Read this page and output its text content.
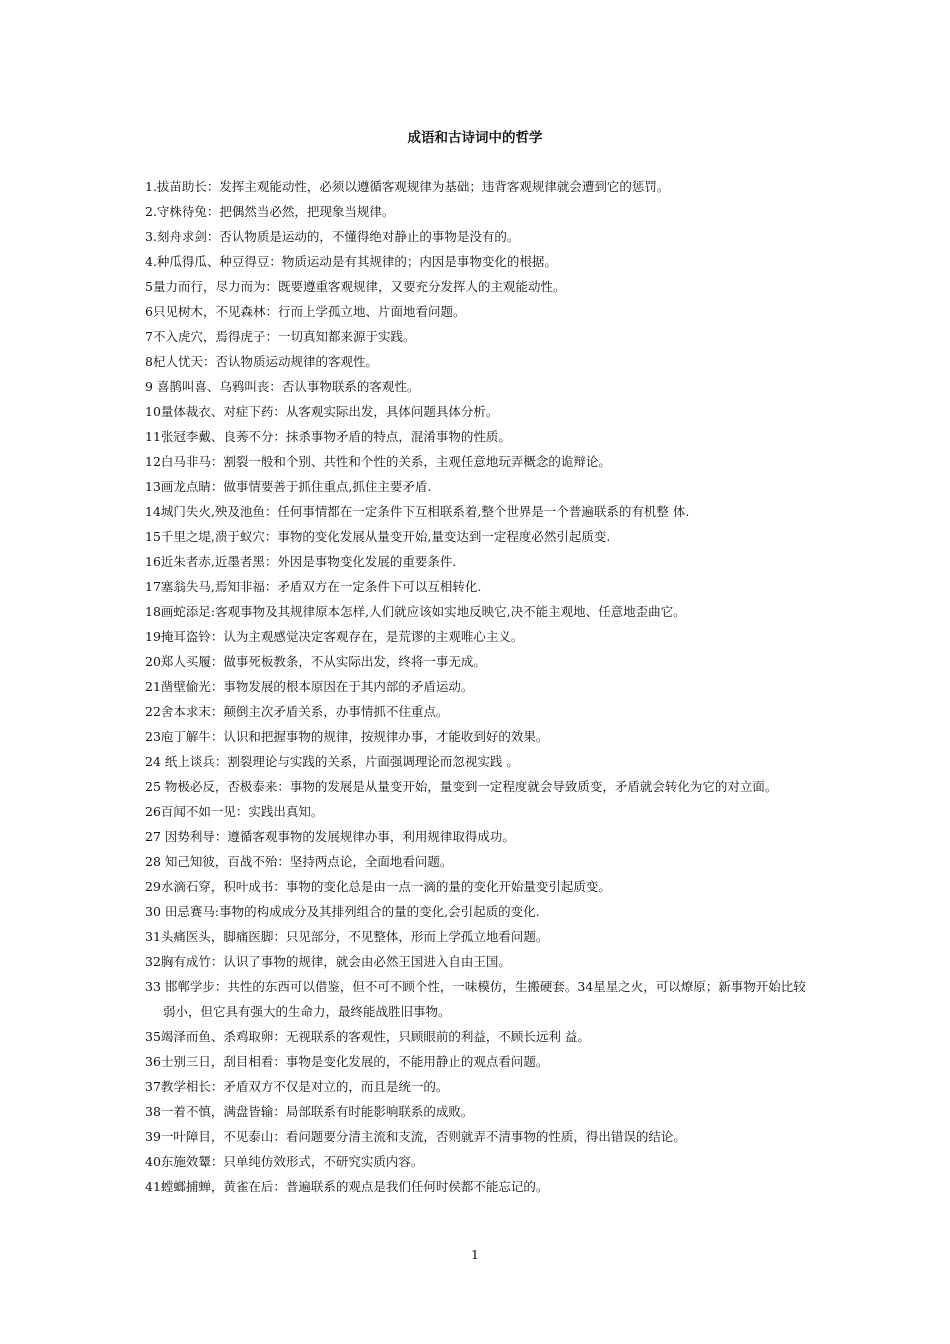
成语和古诗词中的哲学
1.拔苗助长：发挥主观能动性，必须以遵循客观规律为基础；违背客观规律就会遭到它的惩罚。
2.守株待兔：把偶然当必然，把现象当规律。
3.刻舟求剑：否认物质是运动的，不懂得绝对静止的事物是没有的。
4.种瓜得瓜、种豆得豆：物质运动是有其规律的；内因是事物变化的根据。
5量力而行，尽力而为：既要遵重客观规律，又要充分发挥人的主观能动性。
6只见树木，不见森林：行而上学孤立地、片面地看问题。
7不入虎穴，焉得虎子：一切真知都来源于实践。
8杞人忧天：否认物质运动规律的客观性。
9 喜鹊叫喜、乌鸦叫丧：否认事物联系的客观性。
10量体裁衣、对症下药：从客观实际出发，具体问题具体分析。
11张冠李戴、良莠不分：抹杀事物矛盾的特点，混淆事物的性质。
12白马非马：割裂一般和个别、共性和个性的关系，主观任意地玩弄概念的诡辩论。
13画龙点睛：做事情要善于抓住重点,抓住主要矛盾.
14城门失火,殃及池鱼：任何事情都在一定条件下互相联系着,整个世界是一个普遍联系的有机整 体.
15千里之堤,溃于蚁穴：事物的变化发展从量变开始,量变达到一定程度必然引起质变.
16近朱者赤,近墨者黑：外因是事物变化发展的重要条件.
17塞翁失马,焉知非福：矛盾双方在一定条件下可以互相转化.
18画蛇添足:客观事物及其规律原本怎样,人们就应该如实地反映它,决不能主观地、任意地歪曲它。
19掩耳盗铃：认为主观感觉决定客观存在，是荒谬的主观唯心主义。
20郑人买履：做事死板教条，不从实际出发，终将一事无成。
21凿壁偷光：事物发展的根本原因在于其内部的矛盾运动。
22舍本求末：颠倒主次矛盾关系，办事情抓不住重点。
23庖丁解牛：认识和把握事物的规律，按规律办事，才能收到好的效果。
24 纸上谈兵：割裂理论与实践的关系，片面强调理论而忽视实践 。
25 物极必反，否极泰来：事物的发展是从量变开始，量变到一定程度就会导致质变，矛盾就会转化为它的对立面。
26百闻不如一见：实践出真知。
27 因势利导：遵循客观事物的发展规律办事，利用规律取得成功。
28 知己知彼，百战不殆：坚持两点论，全面地看问题。
29水滴石穿，积叶成书：事物的变化总是由一点一滴的量的变化开始量变引起质变。
30 田忌赛马:事物的构成成分及其排列组合的量的变化,会引起质的变化.
31头痛医头，脚痛医脚：只见部分，不见整体，形而上学孤立地看问题。
32胸有成竹：认识了事物的规律，就会由必然王国进入自由王国。
33 邯郸学步：共性的东西可以借鉴，但不可不顾个性，一味模仿，生搬硬套。34星星之火，可以燎原；新事物开始比较弱小，但它具有强大的生命力，最终能战胜旧事物。
35竭泽而鱼、杀鸡取卵：无视联系的客观性，只顾眼前的利益，不顾长远利 益。
36士别三日，刮目相看：事物是变化发展的，不能用静止的观点看问题。
37教学相长：矛盾双方不仅是对立的，而且是统一的。
38一着不慎，满盘皆输：局部联系有时能影响联系的成败。
39一叶障目，不见泰山：看问题要分清主流和支流，否则就弄不清事物的性质，得出错误的结论。
40东施效颦：只单纯仿效形式，不研究实质内容。
41螳螂捕蝉，黄雀在后：普遍联系的观点是我们任何时侯都不能忘记的。
1
